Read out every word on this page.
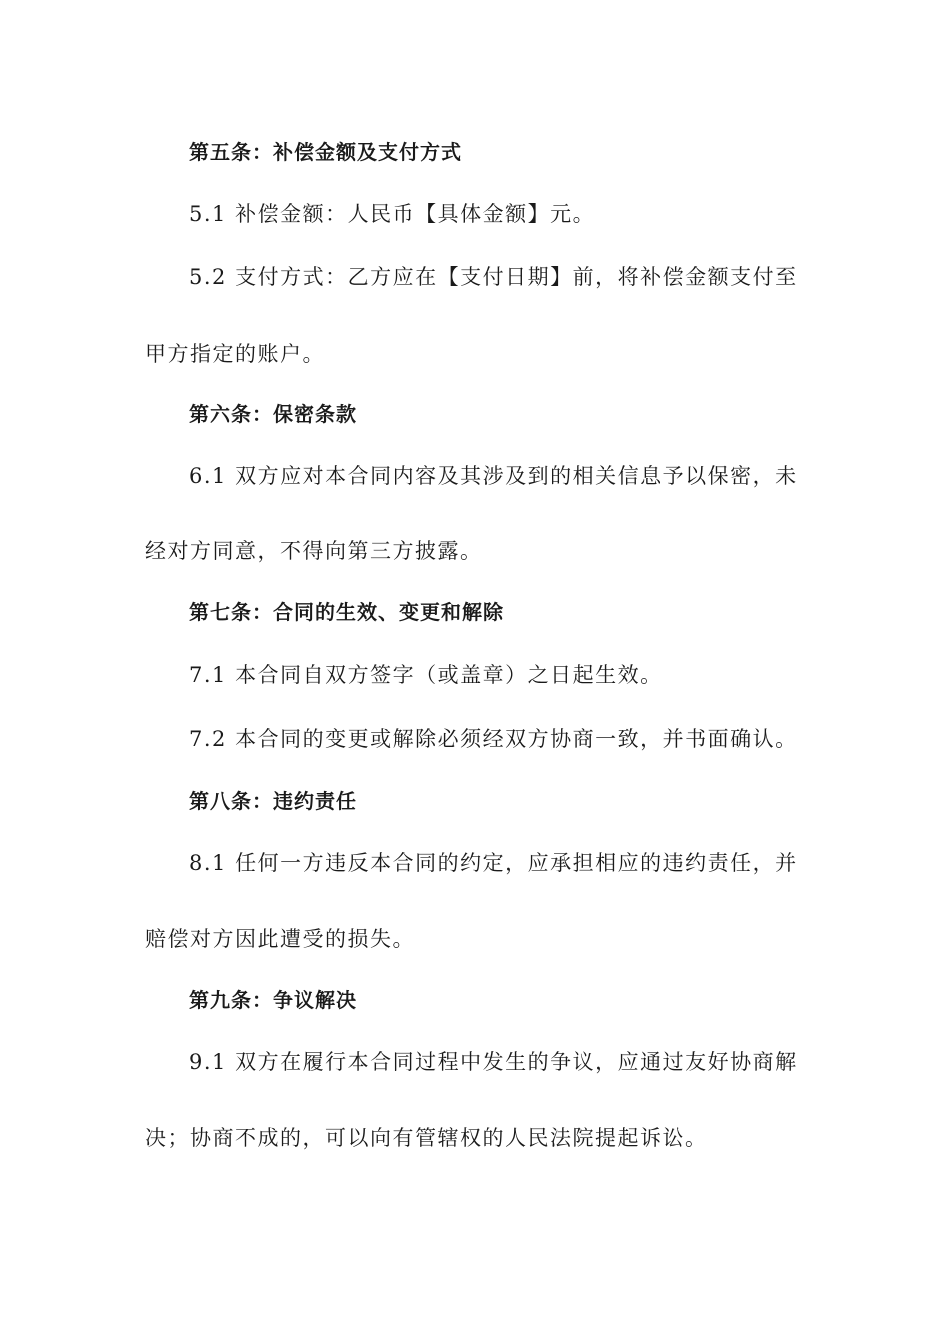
第五条：补偿金额及支付方式
5.1 补偿金额：人民币【具体金额】元。
5.2 支付方式：乙方应在【支付日期】前，将补偿金额支付至
甲方指定的账户。
第六条：保密条款
6.1 双方应对本合同内容及其涉及到的相关信息予以保密，未
经对方同意，不得向第三方披露。
第七条：合同的生效、变更和解除
7.1 本合同自双方签字（或盖章）之日起生效。
7.2 本合同的变更或解除必须经双方协商一致，并书面确认。
第八条：违约责任
8.1 任何一方违反本合同的约定，应承担相应的违约责任，并
赔偿对方因此遭受的损失。
第九条：争议解决
9.1 双方在履行本合同过程中发生的争议，应通过友好协商解
决；协商不成的，可以向有管辖权的人民法院提起诉讼。
